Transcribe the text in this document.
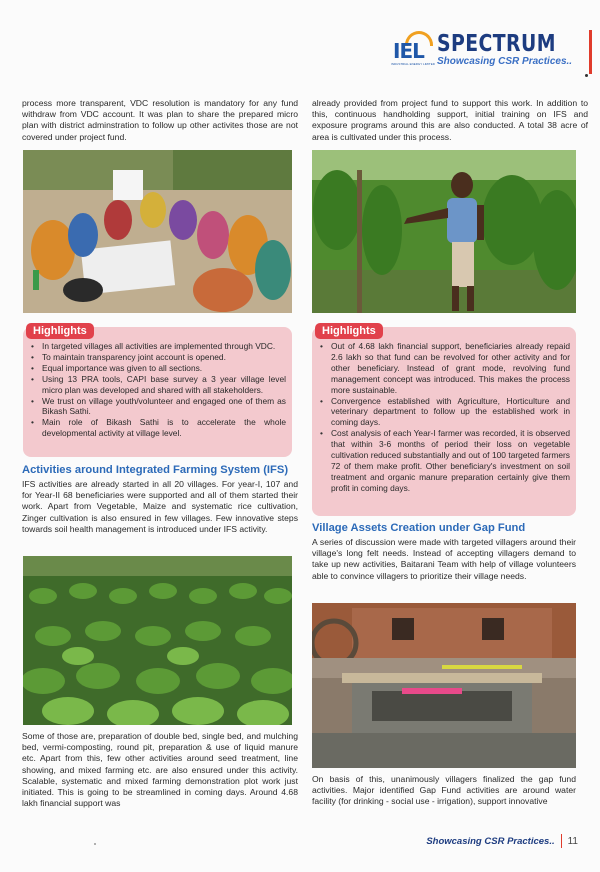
IEL
INDUSTRIAL ENERGY LIMITED
SPECTRUM
Showcasing CSR Practices..

process more transparent, VDC resolution is mandatory for any fund withdraw from VDC account. It was plan to share the prepared micro plan with district adminstration to follow up other activites those are not covered under project fund.

Highlights
• In targeted villages all activities are implemented through VDC.
• To maintain transparency joint account is opened.
• Equal importance was given to all sections.
• Using 13 PRA tools, CAPI base survey a 3 year village level micro plan was developed and shared with all stakeholders.
• We trust on village youth/volunteer and engaged one of them as Bikash Sathi.
• Main role of Bikash Sathi is to accelerate the whole developmental activity at village level.
Activities around Integrated Farming System (IFS)

IFS activities are already started in all 20 villages. For year-I, 107 and for Year-II 68 beneficiaries were supported and all of them started their work. Apart from Vegetable, Maize and systematic rice cultivation, Zinger cultivation is also ensured in few villages. Few innovative steps towards soil health management is introduced under IFS activity.

Some of those are, preparation of double bed, single bed, and mulching bed, vermi-composting, round pit, preparation & use of liquid manure etc. Apart from this, few other activities around seed treatment, line showing, and mixed farming etc. are also ensured under this activity. Scalable, systematic and mixed farming demonstration plot work just initiated. This is going to be streamlined in coming days. Around 4.68 lakh financial support was

already provided from project fund to support this work. In addition to this, continuous handholding support, initial training on IFS and exposure programs around this are also conducted. A total 38 acre of area is cultivated under this process.

Highlights
• Out of 4.68 lakh financial support, beneficiaries already repaid 2.6 lakh so that fund can be revolved for other activity and for other beneficiary. Instead of grant mode, revolving fund management concept was introduced. This makes the process more sustainable.
• Convergence established with Agriculture, Horticulture and veterinary department to follow up the established work in coming days.
• Cost analysis of each Year-I farmer was recorded, it is observed that within 3-6 months of period their loss on vegetable cultivation reduced substantially and out of 100 targeted farmers 72 of them make profit. Other beneficiary's investment on soil treatment and organic manure preparation certainly give them profit in coming days.
Village Assets Creation under Gap Fund

A series of discussion were made with targeted villagers around their village's long felt needs. Instead of accepting villagers demand to take up new activities, Baitarani Team with help of village volunteers able to convince villagers to prioritize their village needs.

On basis of this, unanimously villagers finalized the gap fund activities. Major identified Gap Fund activities are around water facility (for drinking - social use - irrigation), support innovative

Showcasing CSR Practices.. 11
